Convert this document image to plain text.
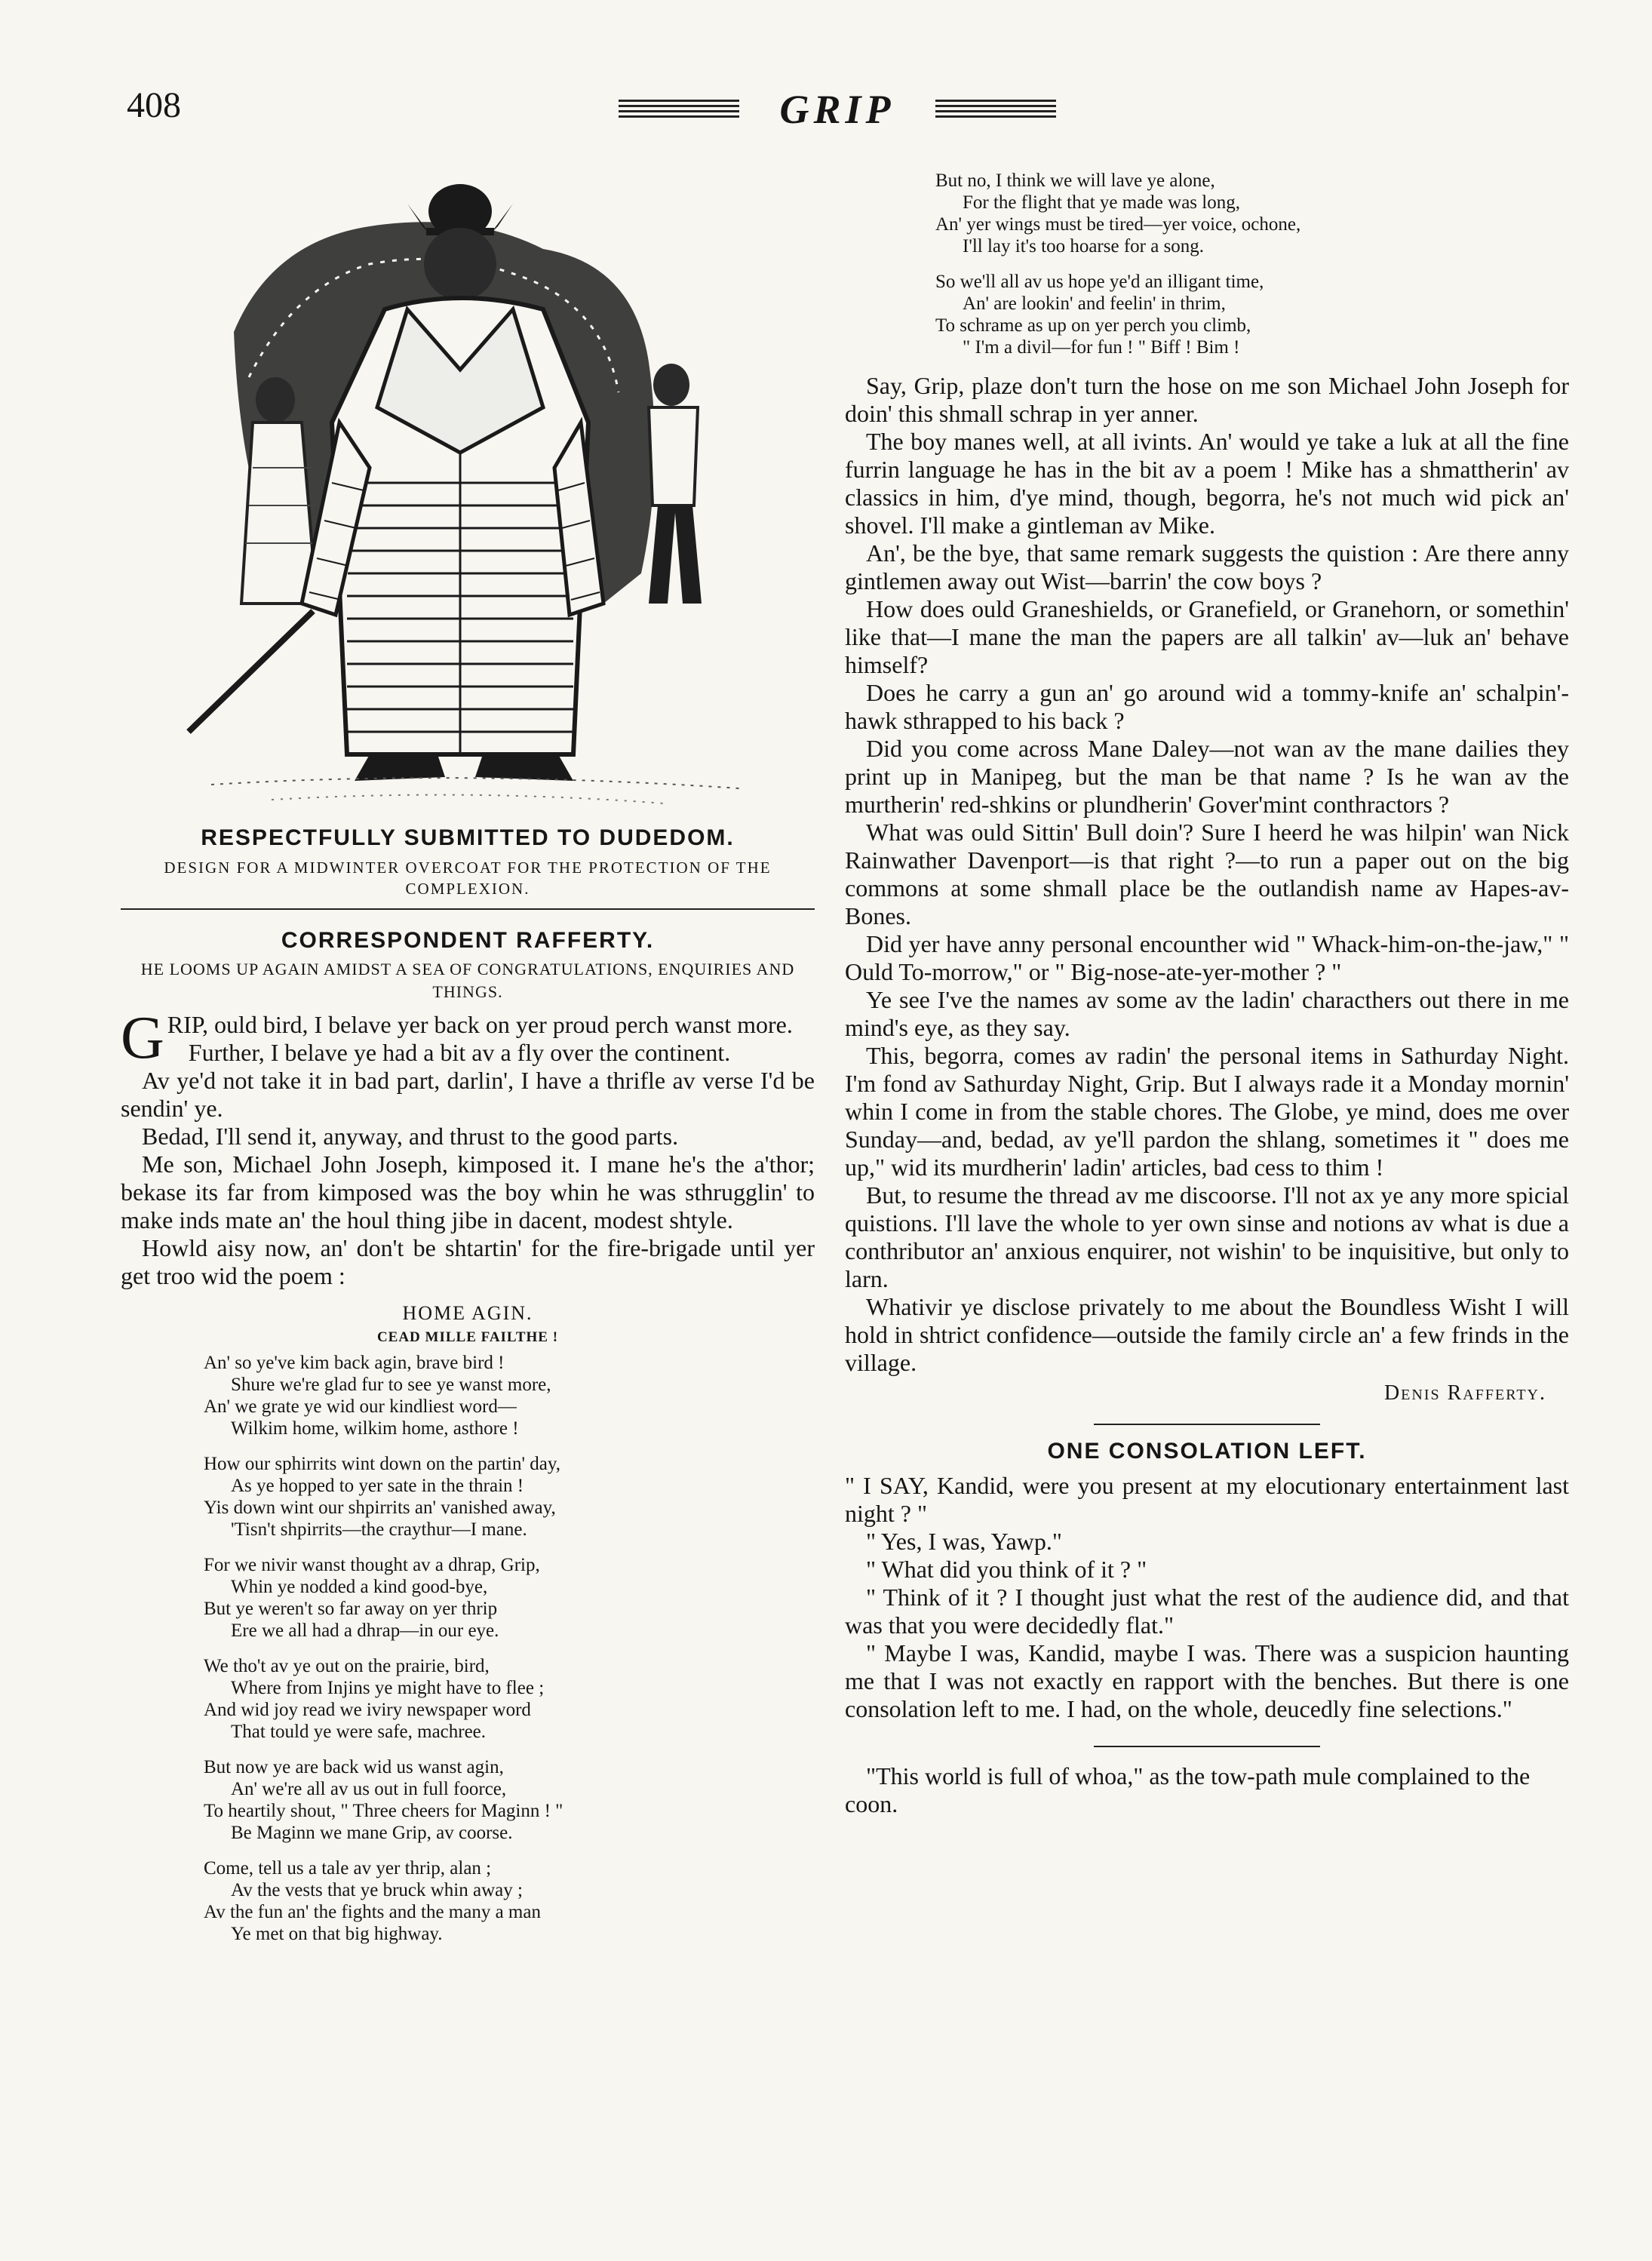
408	GRIP
RESPECTFULLY SUBMITTED TO DUDEDOM.
DESIGN FOR A MIDWINTER OVERCOAT FOR THE PROTECTION OF THE COMPLEXION.
CORRESPONDENT RAFFERTY.
HE LOOMS UP AGAIN AMIDST A SEA OF CONGRATULATIONS, ENQUIRIES AND THINGS.

GRIP, ould bird, I belave yer back on yer proud perch wanst more.

Further, I belave ye had a bit av a fly over the continent.

Av ye'd not take it in bad part, darlin', I have a thrifle av verse I'd be sendin' ye.

Bedad, I'll send it, anyway, and thrust to the good parts.

Me son, Michael John Joseph, kimposed it. I mane he's the a'thor; bekase its far from kimposed was the boy whin he was sthrugglin' to make inds mate an' the houl thing jibe in dacent, modest shtyle.

Howld aisy now, an' don't be shtartin' for the fire-brigade until yer get troo wid the poem :

HOME AGIN.
CEAD MILLE FAILTHE !
An' so ye've kim back agin, brave bird !
Shure we're glad fur to see ye wanst more,
An' we grate ye wid our kindliest word—
Wilkim home, wilkim home, asthore !
How our sphirrits wint down on the partin' day,
As ye hopped to yer sate in the thrain !
Yis down wint our shpirrits an' vanished away,
'Tisn't shpirrits—the craythur—I mane.
For we nivir wanst thought av a dhrap, Grip,
Whin ye nodded a kind good-bye,
But ye weren't so far away on yer thrip
Ere we all had a dhrap—in our eye.
We tho't av ye out on the prairie, bird,
Where from Injins ye might have to flee ;
And wid joy read we iviry newspaper word
That tould ye were safe, machree.
But now ye are back wid us wanst agin,
An' we're all av us out in full foorce,
To heartily shout, " Three cheers for Maginn ! "
Be Maginn we mane Grip, av coorse.
Come, tell us a tale av yer thrip, alan ;
Av the vests that ye bruck whin away ;
Av the fun an' the fights and the many a man
Ye met on that big highway.
But no, I think we will lave ye alone,
For the flight that ye made was long,
An' yer wings must be tired—yer voice, ochone,
I'll lay it's too hoarse for a song.
So we'll all av us hope ye'd an illigant time,
An' are lookin' and feelin' in thrim,
To schrame as up on yer perch you climb,
" I'm a divil—for fun ! " Biff ! Bim !

Say, Grip, plaze don't turn the hose on me son Michael John Joseph for doin' this shmall schrap in yer anner.

The boy manes well, at all ivints. An' would ye take a luk at all the fine furrin language he has in the bit av a poem ! Mike has a shmattherin' av classics in him, d'ye mind, though, begorra, he's not much wid pick an' shovel. I'll make a gintleman av Mike.

An', be the bye, that same remark suggests the quistion : Are there anny gintlemen away out Wist—barrin' the cow boys ?

How does ould Graneshields, or Granefield, or Granehorn, or somethin' like that—I mane the man the papers are all talkin' av—luk an' behave himself?

Does he carry a gun an' go around wid a tommy-knife an' schalpin'-hawk sthrapped to his back ?

Did you come across Mane Daley—not wan av the mane dailies they print up in Manipeg, but the man be that name ? Is he wan av the murtherin' red-shkins or plundherin' Gover'mint conthractors ?

What was ould Sittin' Bull doin'? Sure I heerd he was hilpin' wan Nick Rainwather Davenport—is that right ?—to run a paper out on the big commons at some shmall place be the outlandish name av Hapes-av-Bones.

Did yer have anny personal encounther wid " Whack-him-on-the-jaw," " Ould To-morrow," or " Big-nose-ate-yer-mother ? "

Ye see I've the names av some av the ladin' characthers out there in me mind's eye, as they say.

This, begorra, comes av radin' the personal items in Sathurday Night. I'm fond av Sathurday Night, Grip. But I always rade it a Monday mornin' whin I come in from the stable chores. The Globe, ye mind, does me over Sunday—and, bedad, av ye'll pardon the shlang, sometimes it " does me up," wid its murdherin' ladin' articles, bad cess to thim !

But, to resume the thread av me discoorse. I'll not ax ye any more spicial quistions. I'll lave the whole to yer own sinse and notions av what is due a conthributor an' anxious enquirer, not wishin' to be inquisitive, but only to larn.

Whativir ye disclose privately to me about the Boundless Wisht I will hold in shtrict confidence—outside the family circle an' a few frinds in the village.

Denis Rafferty.
ONE CONSOLATION LEFT.

" I SAY, Kandid, were you present at my elocutionary entertainment last night ? "

" Yes, I was, Yawp."

" What did you think of it ? "

" Think of it ? I thought just what the rest of the audience did, and that was that you were decidedly flat."

" Maybe I was, Kandid, maybe I was. There was a suspicion haunting me that I was not exactly en rapport with the benches. But there is one consolation left to me. I had, on the whole, deucedly fine selections."

"This world is full of whoa," as the tow-path mule complained to the coon.
